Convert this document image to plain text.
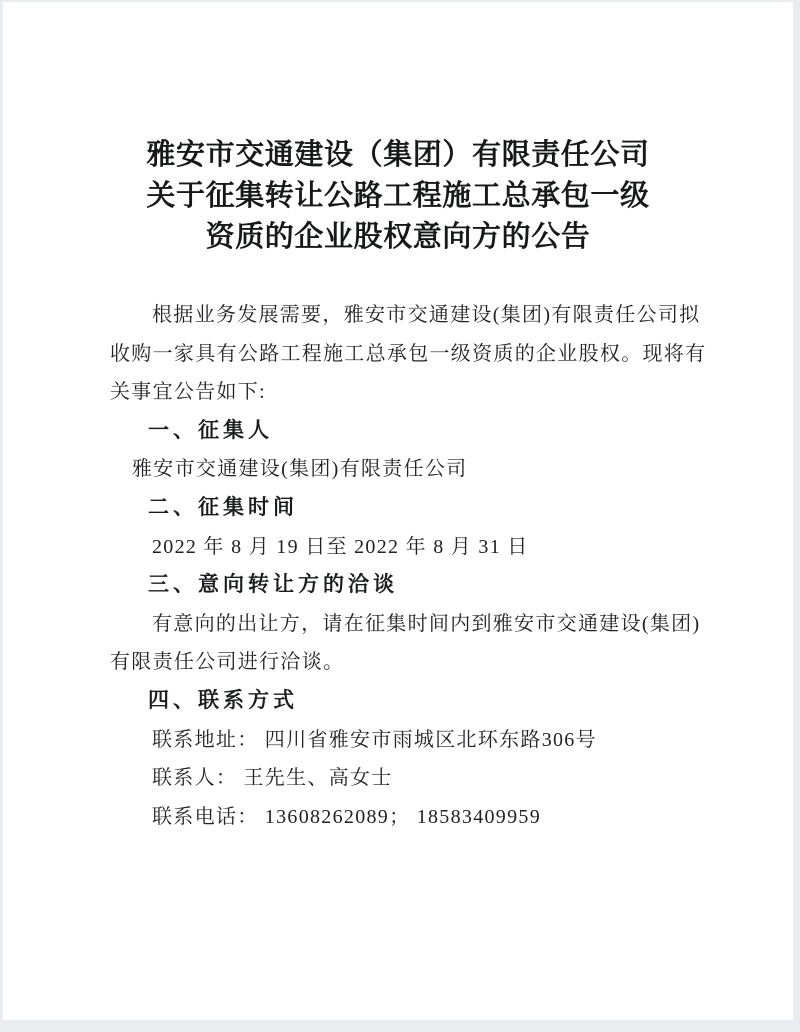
雅安市交通建设（集团）有限责任公司
关于征集转让公路工程施工总承包一级
资质的企业股权意向方的公告

根据业务发展需要，雅安市交通建设(集团)有限责任公司拟

收购一家具有公路工程施工总承包一级资质的企业股权。现将有

关事宜公告如下:

一、征集人

雅安市交通建设(集团)有限责任公司

二、征集时间

2022 年 8 月 19 日至 2022 年 8 月 31 日

三、意向转让方的洽谈

有意向的出让方，请在征集时间内到雅安市交通建设(集团)

有限责任公司进行洽谈。

四、联系方式

联系地址： 四川省雅安市雨城区北环东路306号

联系人： 王先生、高女士

联系电话： 13608262089； 18583409959
